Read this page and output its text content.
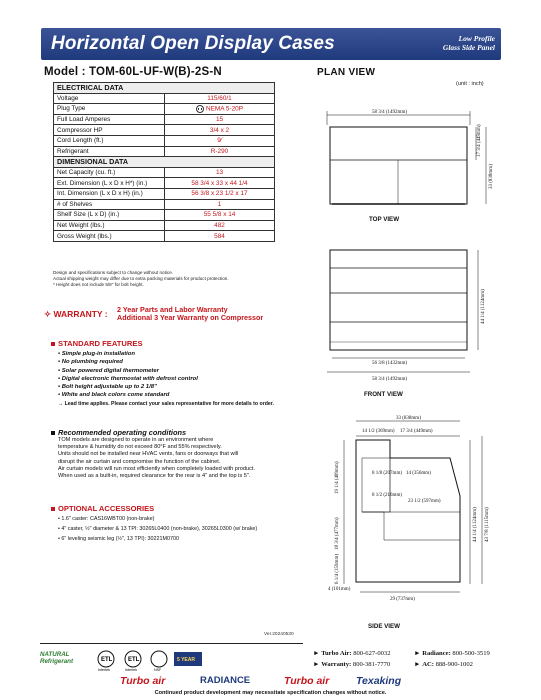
Horizontal Open Display Cases	Low Profile
Glass Side Panel
Model : TOM-60L-UF-W(B)-2S-N
ELECTRICAL DATA	
Voltage	115/60/1
Plug Type	NEMA 5-20P
Full Load Amperes	15
Compressor HP	3/4 x 2
Cord Length (ft.)	9⁄
Refrigerant	R-290
DIMENSIONAL DATA	
Net Capacity (cu. ft.)	13
Ext. Dimension (L x D x H*) (in.)	58 3/4 x 33 x 44 1/4
Int. Dimension (L x D x H) (in.)	56 3/8 x 23 1/2 x 17
# of Shelves	1
Shelf Size (L x D) (in.)	55 5/8 x 14
Net Weight (lbs.)	482
Gross Weight (lbs.)	584
Design and specifications subject to change without notice.
Actual shipping weight may differ due to extra packing materials for product protection.
* Height does not include 5/8" for bolt height.
✧ WARRANTY : 2 Year Parts and Labor Warranty
Additional 3 Year Warranty on Compressor
STANDARD FEATURES
• Simple plug-in installation
• No plumbing required
• Solar powered digital thermometer
• Digital electronic thermostat with defrost control
• Bolt height adjustable up to 2 1/8"
• White and black colors come standard
→ Lead time applies. Please contact your sales representative for more details to order.
Recommended operating conditions
TOM models are designed to operate in an environment where
temperature & humidity do not exceed 80°F and 55% respectively.
Units should not be installed near HVAC vents, fans or doorways that will
disrupt the air curtain and compromise the function of the cabinet.
Air curtain models will run most efficiently when completely loaded with product.
When used as a built-in, required clearance for the rear is 4" and the top is 5".
OPTIONAL ACCESSORIES
• 1.6" caster: CAS16WBT00 (non-brake)
• 4" caster, ½" diameter & 13 TPI: 30265L0400 (non-brake), 30265L0300 (w/ brake)
• 6" leveling seismic leg (½", 13 TPI): 30221M0700
Ver.20240530
PLAN VIEW
(unit : inch)
58 3/4 (1492mm)
17 3/4 (449mm)
33 (838mm)
TOP VIEW
44 1/4 (1124mm)
56 3/8 (1432mm)
58 3/4 (1492mm)
FRONT VIEW
33 (838mm)
14 1/2 (369mm) 17 3/4 (449mm)
8 1/8 (207mm) 14 (356mm)
8 1/2 (216mm)
23 1/2 (597mm)
19 1/4 (489mm)
18 3/4 (477mm)
4 (101mm)
29 (737mm)
44 1/4 (1124mm) 43 7/8 (1115mm)
6 1/4 (159mm)
SIDE VIEW
NATURAL
Refrigerant	ETL	ETL	5 YEAR
Intertek	Intertek	NSF
► Turbo Air: 800-627-0032	► Radiance: 800-500-3519
► Warranty: 800-381-7770	► AC: 888-900-1002
Turbo air	RADIANCE	Turbo air	Texaking
Continued product development may necessitate specification changes without notice.
